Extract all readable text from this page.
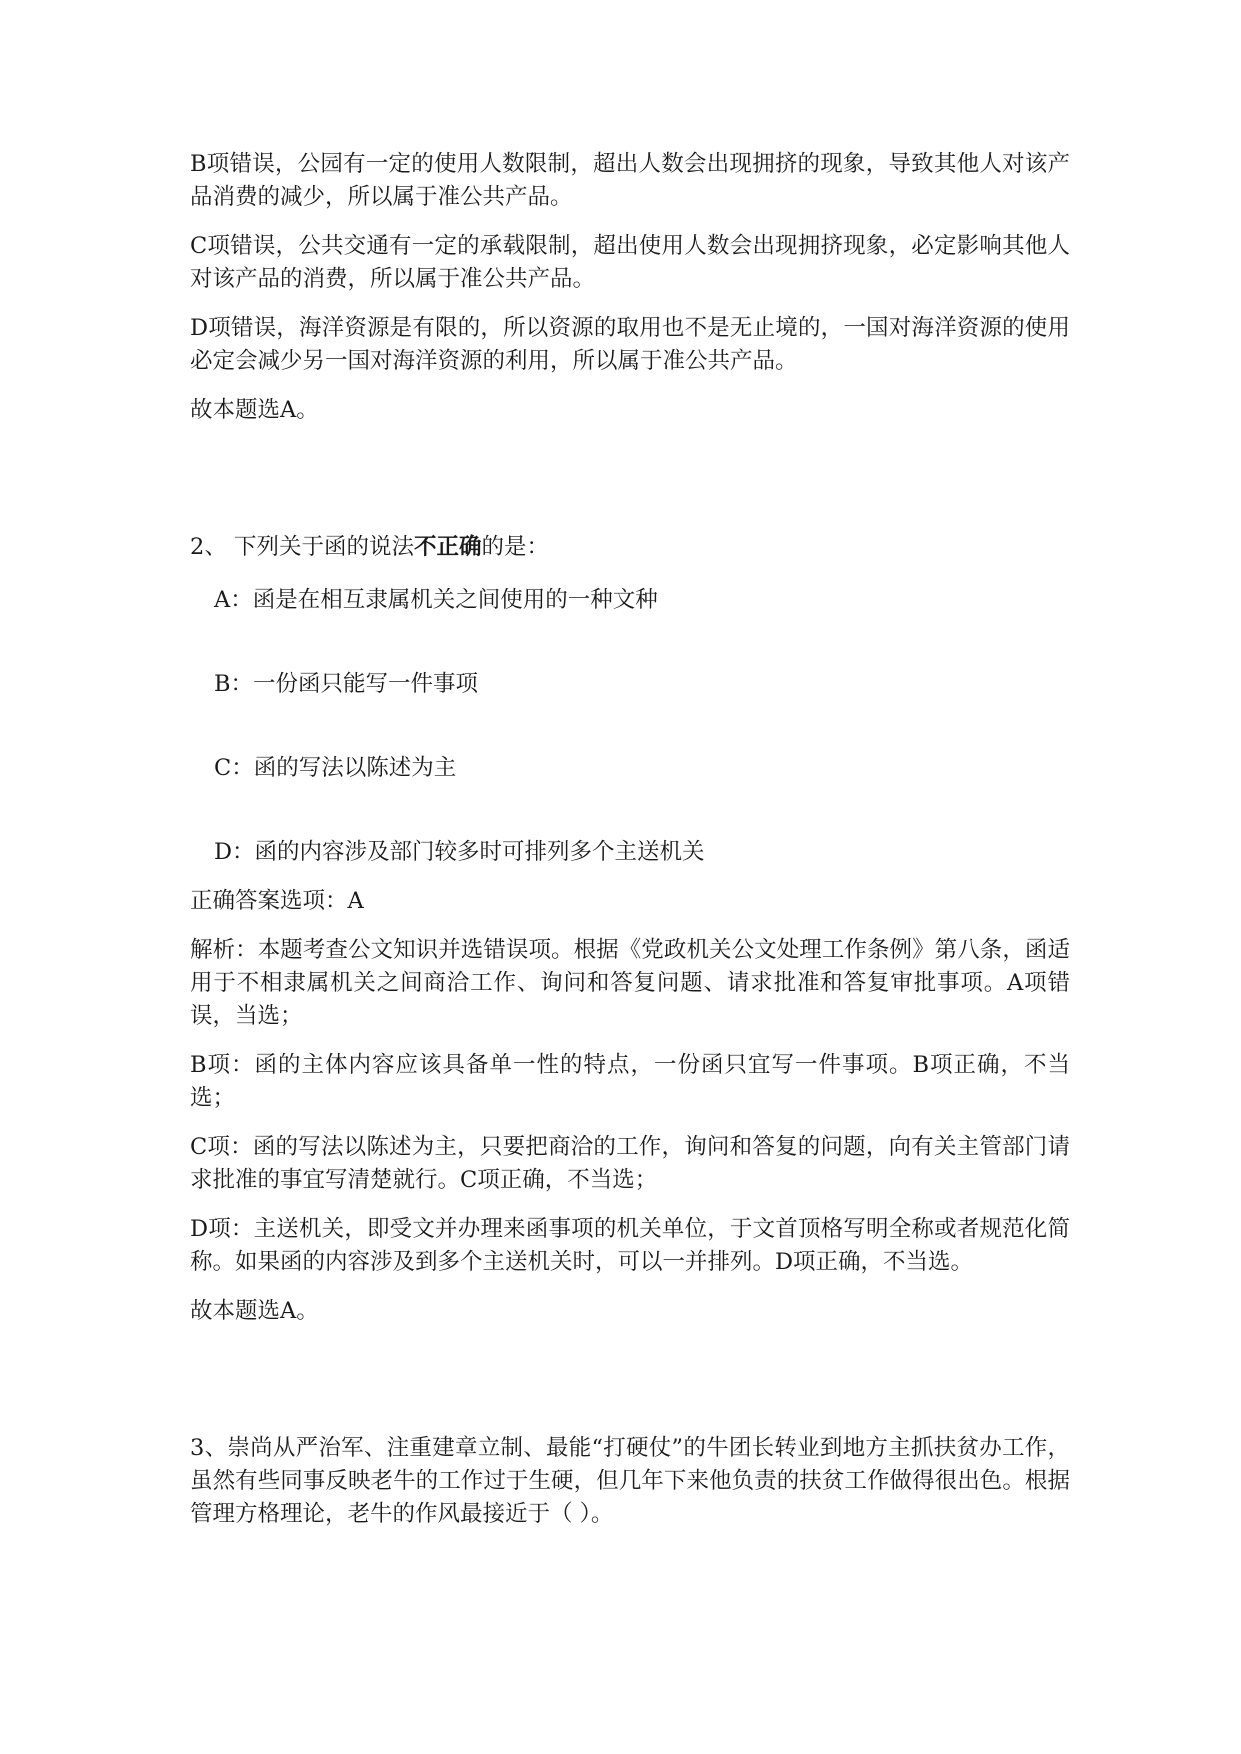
B项错误，公园有一定的使用人数限制，超出人数会出现拥挤的现象，导致其他人对该产品消费的减少，所以属于准公共产品。

C项错误，公共交通有一定的承载限制，超出使用人数会出现拥挤现象，必定影响其他人对该产品的消费，所以属于准公共产品。

D项错误，海洋资源是有限的，所以资源的取用也不是无止境的，一国对海洋资源的使用必定会减少另一国对海洋资源的利用，所以属于准公共产品。

故本题选A。

2、 下列关于函的说法不正确的是：

A：函是在相互隶属机关之间使用的一种文种

B：一份函只能写一件事项

C：函的写法以陈述为主

D：函的内容涉及部门较多时可排列多个主送机关

正确答案选项：A

解析：本题考查公文知识并选错误项。根据《党政机关公文处理工作条例》第八条，函适用于不相隶属机关之间商洽工作、询问和答复问题、请求批准和答复审批事项。A项错误，当选；

B项：函的主体内容应该具备单一性的特点，一份函只宜写一件事项。B项正确，不当选；

C项：函的写法以陈述为主，只要把商洽的工作，询问和答复的问题，向有关主管部门请求批准的事宜写清楚就行。C项正确，不当选；

D项：主送机关，即受文并办理来函事项的机关单位，于文首顶格写明全称或者规范化简称。如果函的内容涉及到多个主送机关时，可以一并排列。D项正确，不当选。

故本题选A。

3、崇尚从严治军、注重建章立制、最能“打硬仗”的牛团长转业到地方主抓扶贫办工作，虽然有些同事反映老牛的工作过于生硬，但几年下来他负责的扶贫工作做得很出色。根据管理方格理论，老牛的作风最接近于（ ）。
